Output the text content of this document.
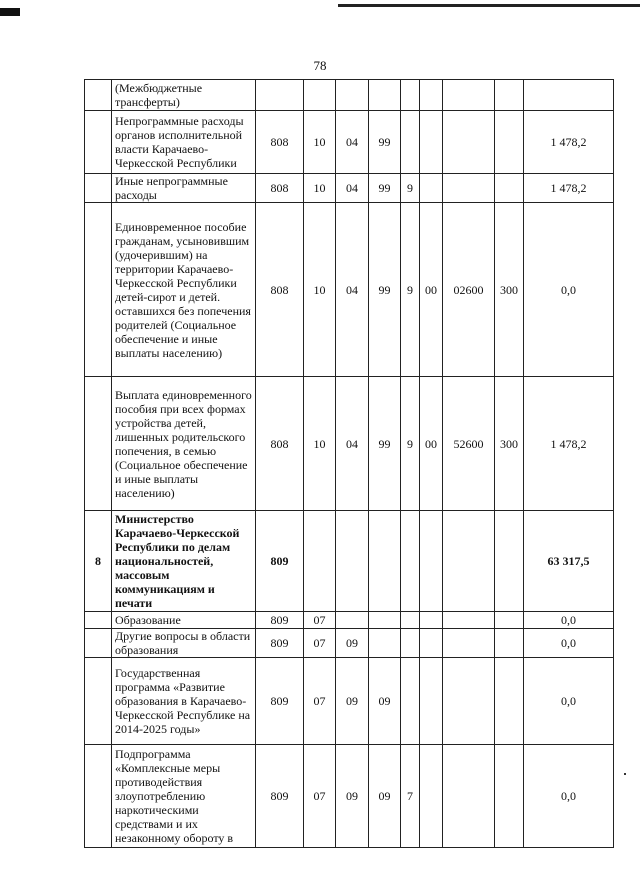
78
	(Межбюджетные трансферты)									
	Непрограммные расходы органов исполнительной власти Карачаево-Черкесской Республики	808	10	04	99					1 478,2
	Иные непрограммные расходы	808	10	04	99	9				1 478,2
	Единовременное пособие гражданам, усыновившим (удочерившим) на территории Карачаево-Черкесской Республики детей-сирот и детей. оставшихся без попечения родителей (Социальное обеспечение и иные выплаты населению)	808	10	04	99	9	00	02600	300	0,0
	Выплата единовременного пособия при всех формах устройства детей, лишенных родительского попечения, в семью (Социальное обеспечение и иные выплаты населению)	808	10	04	99	9	00	52600	300	1 478,2
8	Министерство Карачаево-Черкесской Республики по делам национальностей, массовым коммуникациям и печати	809								63 317,5
	Образование	809	07							0,0
	Другие вопросы в области образования	809	07	09						0,0
	Государственная программа «Развитие образования в Карачаево-Черкесской Республике на 2014-2025 годы»	809	07	09	09					0,0
	Подпрограмма «Комплексные меры противодействия злоупотреблению наркотическими средствами и их незаконному обороту в	809	07	09	09	7				0,0
